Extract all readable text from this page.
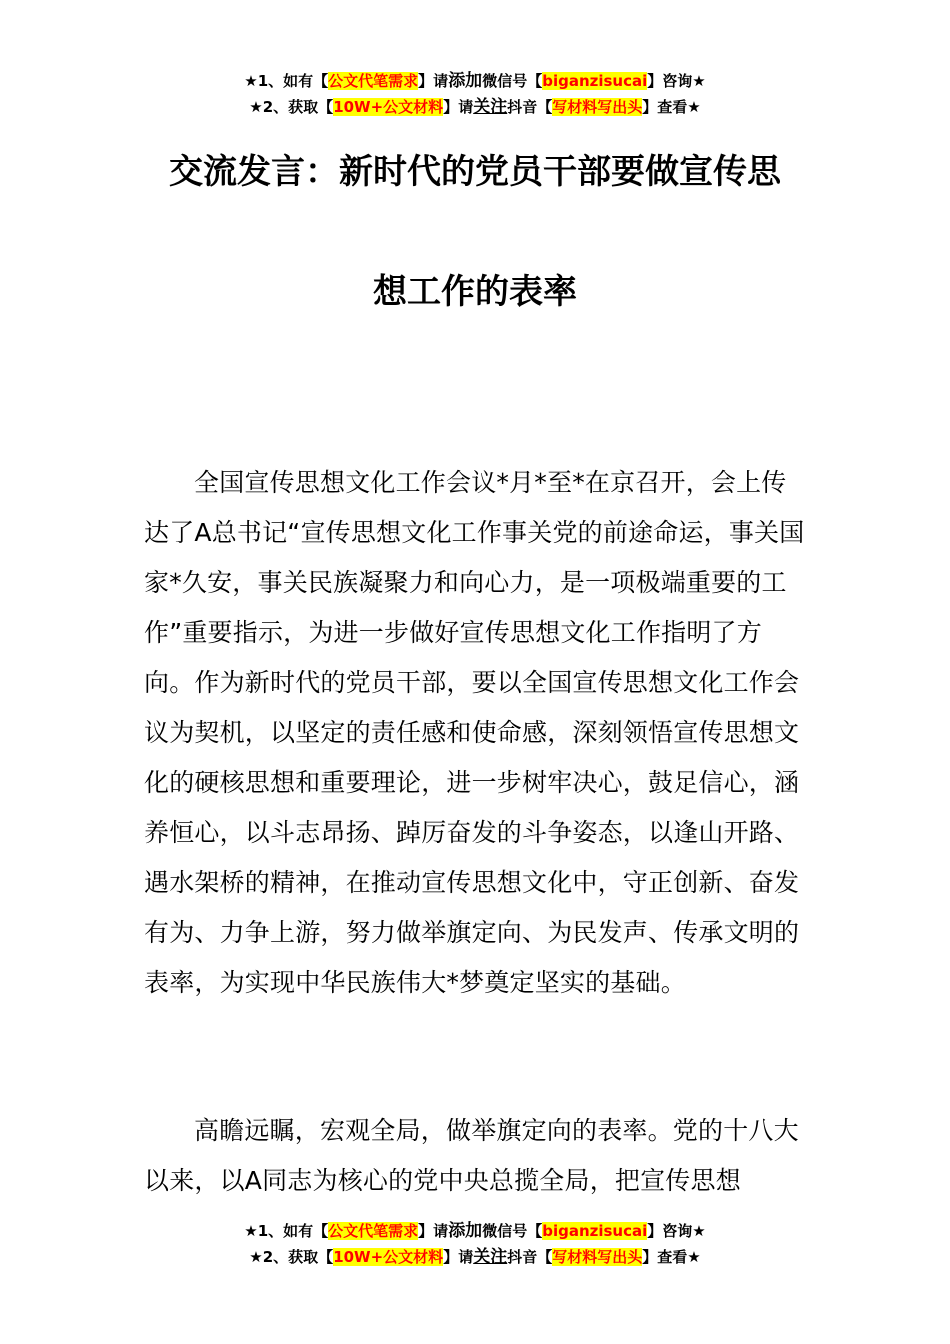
★1、如有【公文代笔需求】请添加微信号【biganzisucai】咨询★
★2、获取【10W+公文材料】请关注抖音【写材料写出头】查看★
交流发言：新时代的党员干部要做宣传思
想工作的表率

全国宣传思想文化工作会议*月*至*在京召开，会上传达了A总书记“宣传思想文化工作事关党的前途命运，事关国家*久安，事关民族凝聚力和向心力，是一项极端重要的工作”重要指示，为进一步做好宣传思想文化工作指明了方向。作为新时代的党员干部，要以全国宣传思想文化工作会议为契机，以坚定的责任感和使命感，深刻领悟宣传思想文化的硬核思想和重要理论，进一步树牢决心，鼓足信心，涵养恒心，以斗志昂扬、踔厉奋发的斗争姿态，以逢山开路、遇水架桥的精神，在推动宣传思想文化中，守正创新、奋发有为、力争上游，努力做举旗定向、为民发声、传承文明的表率，为实现中华民族伟大*梦奠定坚实的基础。

高瞻远瞩，宏观全局，做举旗定向的表率。党的十八大以来，以A同志为核心的党中央总揽全局，把宣传思想

★1、如有【公文代笔需求】请添加微信号【biganzisucai】咨询★
★2、获取【10W+公文材料】请关注抖音【写材料写出头】查看★
